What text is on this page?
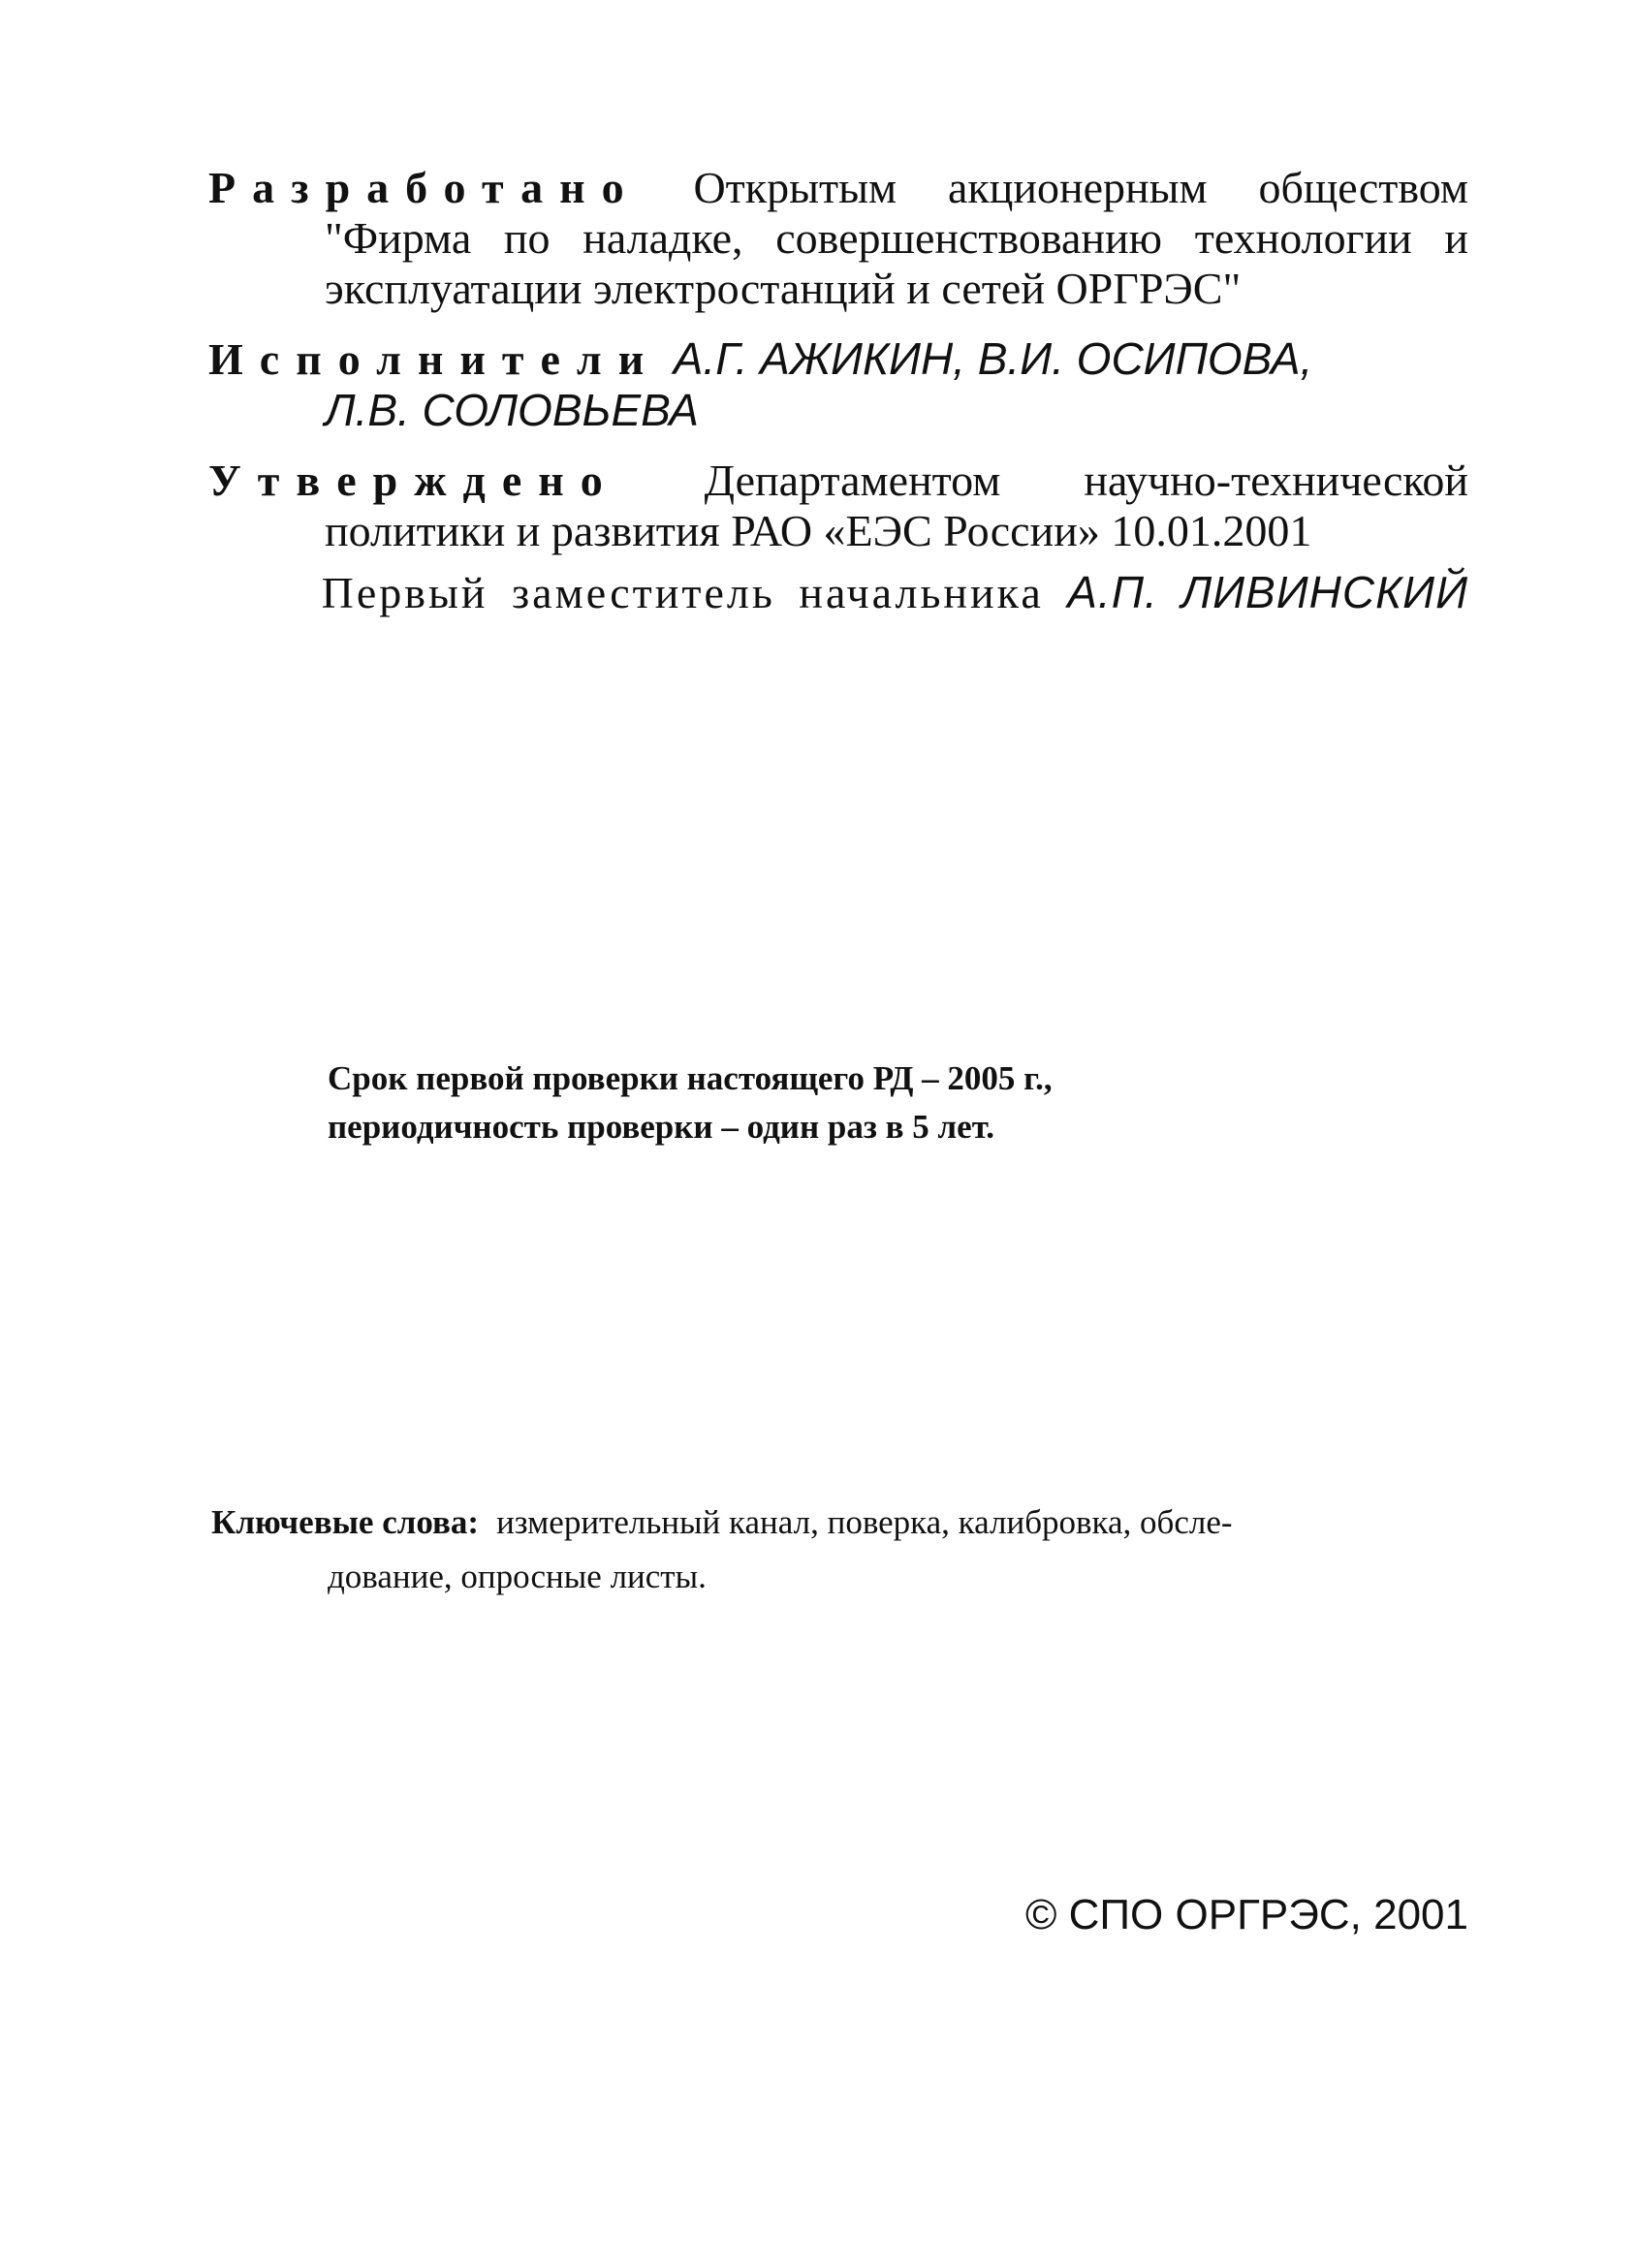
Разработано Открытым акционерным обществом "Фирма по наладке, совершенствованию технологии и эксплуатации электростанций и сетей ОРГРЭС"
Исполнители А.Г. АЖИКИН, В.И. ОСИПОВА,
Л.В. СОЛОВЬЕВА
Утверждено Департаментом научно-технической политики и развития РАО «ЕЭС России» 10.01.2001
Первый заместитель начальника А.П. ЛИВИНСКИЙ
Срок первой проверки настоящего РД – 2005 г.,
периодичность проверки – один раз в 5 лет.
Ключевые слова: измерительный канал, поверка, калибровка, обсле-
дование, опросные листы.
© СПО ОРГРЭС, 2001
